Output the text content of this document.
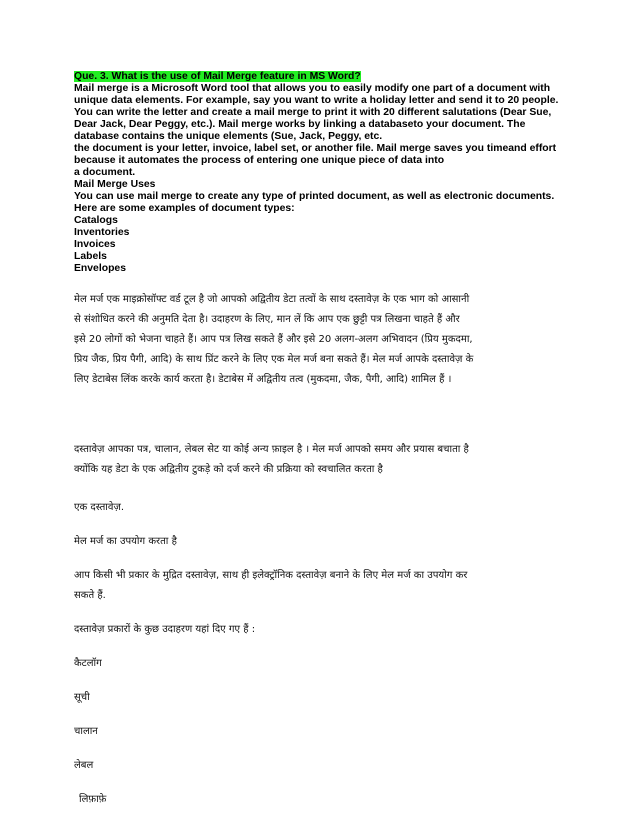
Que. 3. What is the use of Mail Merge feature in MS Word?

Mail merge is a Microsoft Word tool that allows you to easily modify one part of a document with

unique data elements. For example, say you want to write a holiday letter and send it to 20 people.

You can write the letter and create a mail merge to print it with 20 different salutations (Dear Sue,

Dear Jack, Dear Peggy, etc.). Mail merge works by linking a databaseto your document. The

database contains the unique elements (Sue, Jack, Peggy, etc.

the document is your letter, invoice, label set, or another file. Mail merge saves you timeand effort

because it automates the process of entering one unique piece of data into

a document.

Mail Merge Uses

You can use mail merge to create any type of printed document, as well as electronic documents.

Here are some examples of document types:

Catalogs

Inventories

Invoices

Labels

Envelopes

मेल मर्ज एक माइक्रोसॉफ्ट वर्ड टूल है जो आपको अद्वितीय डेटा तत्वों के साथ दस्तावेज़ के एक भाग को आसानी

से संशोधित करने की अनुमति देता है। उदाहरण के लिए, मान लें कि आप एक छुट्टी पत्र लिखना चाहते हैं और

इसे 20 लोगों को भेजना चाहते हैं। आप पत्र लिख सकते हैं और इसे 20 अलग-अलग अभिवादन (प्रिय मुकदमा,

प्रिय जैक, प्रिय पैगी, आदि) के साथ प्रिंट करने के लिए एक मेल मर्ज बना सकते हैं। मेल मर्ज आपके दस्तावेज़ के

लिए डेटाबेस लिंक करके कार्य करता है। डेटाबेस में अद्वितीय तत्व (मुकदमा, जैक, पैगी, आदि) शामिल हैं ।

दस्तावेज़ आपका पत्र, चालान, लेबल सेट या कोई अन्य फ़ाइल है । मेल मर्ज आपको समय और प्रयास बचाता है

क्योंकि यह डेटा के एक अद्वितीय टुकड़े को दर्ज करने की प्रक्रिया को स्वचालित करता है

एक दस्तावेज़.

मेल मर्ज का उपयोग करता है

आप किसी भी प्रकार के मुद्रित दस्तावेज़, साथ ही इलेक्ट्रॉनिक दस्तावेज़ बनाने के लिए मेल मर्ज का उपयोग कर

सकते हैं.

दस्तावेज़ प्रकारों के कुछ उदाहरण यहां दिए गए हैं :

कैटलॉग

सूची

चालान

लेबल

लिफ़ाफ़े
